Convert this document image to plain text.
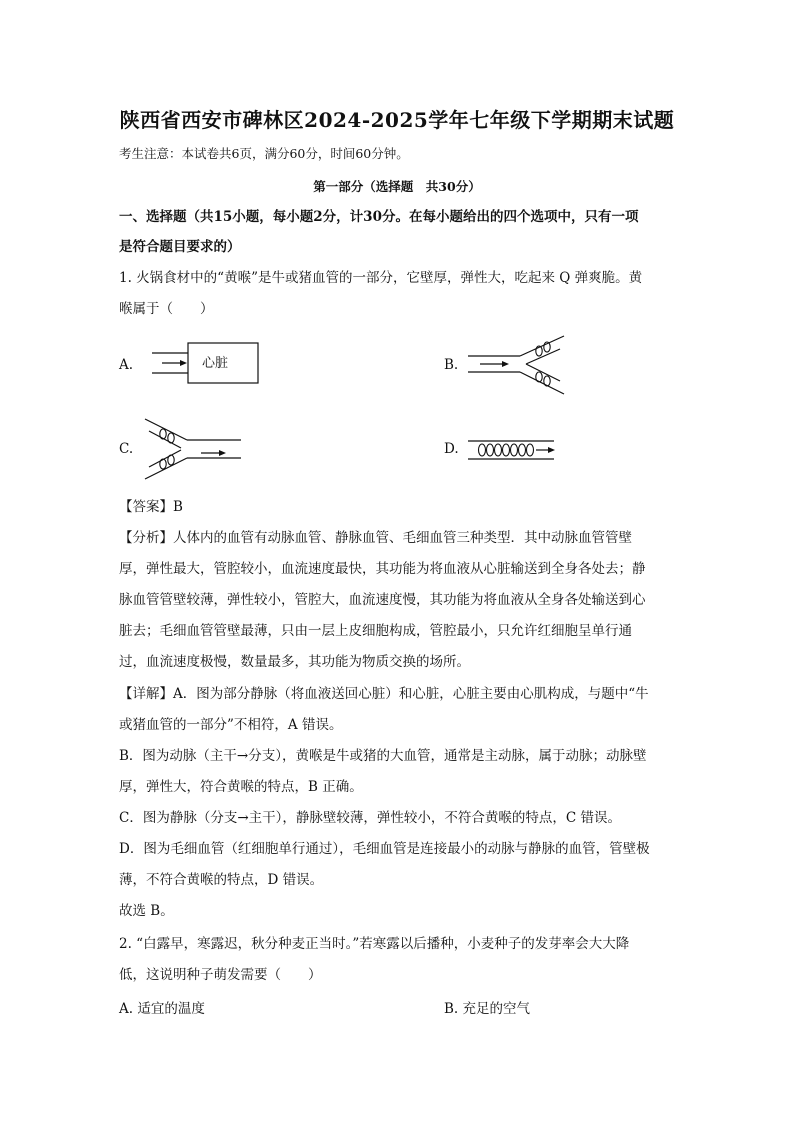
陕西省西安市碑林区2024-2025学年七年级下学期期末试题
考生注意：本试卷共6页，满分60分，时间60分钟。
第一部分（选择题　共30分）
一、选择题（共15小题，每小题2分，计30分。在每小题给出的四个选项中，只有一项
是符合题目要求的）
1. 火锅食材中的“黄喉”是牛或猪血管的一部分，它壁厚，弹性大，吃起来 Q 弹爽脆。黄
喉属于（　　）
A.	心脏	B.
C.	D.
【答案】B
【分析】人体内的血管有动脉血管、静脉血管、毛细血管三种类型．其中动脉血管管壁
厚，弹性最大，管腔较小，血流速度最快，其功能为将血液从心脏输送到全身各处去；静
脉血管管壁较薄，弹性较小，管腔大，血流速度慢，其功能为将血液从全身各处输送到心
脏去；毛细血管管壁最薄，只由一层上皮细胞构成，管腔最小，只允许红细胞呈单行通
过，血流速度极慢，数量最多，其功能为物质交换的场所。
【详解】A．图为部分静脉（将血液送回心脏）和心脏，心脏主要由心肌构成，与题中“牛
或猪血管的一部分”不相符，A 错误。
B．图为动脉（主干→分支），黄喉是牛或猪的大血管，通常是主动脉，属于动脉；动脉壁
厚，弹性大，符合黄喉的特点，B 正确。
C．图为静脉（分支→主干），静脉壁较薄，弹性较小，不符合黄喉的特点，C 错误。
D．图为毛细血管（红细胞单行通过），毛细血管是连接最小的动脉与静脉的血管，管壁极
薄，不符合黄喉的特点，D 错误。
故选 B。
2. “白露早，寒露迟，秋分种麦正当时。”若寒露以后播种，小麦种子的发芽率会大大降
低，这说明种子萌发需要（　　）
A. 适宜的温度	B. 充足的空气
